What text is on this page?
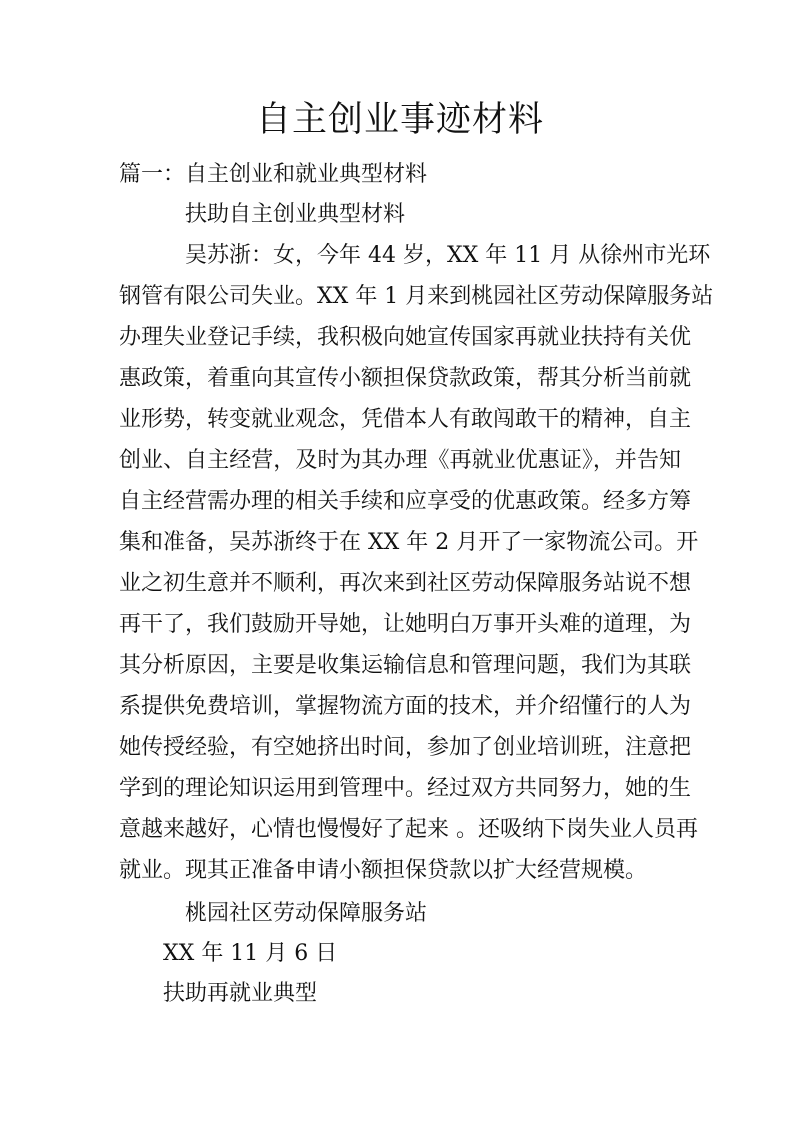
自主创业事迹材料
篇一：自主创业和就业典型材料
扶助自主创业典型材料
吴苏浙：女，今年 44 岁，XX 年 11 月 从徐州市光环
钢管有限公司失业。XX 年 1 月来到桃园社区劳动保障服务站
办理失业登记手续，我积极向她宣传国家再就业扶持有关优
惠政策，着重向其宣传小额担保贷款政策，帮其分析当前就
业形势，转变就业观念，凭借本人有敢闯敢干的精神，自主
创业、自主经营，及时为其办理《再就业优惠证》，并告知
自主经营需办理的相关手续和应享受的优惠政策。经多方筹
集和准备，吴苏浙终于在 XX 年 2 月开了一家物流公司。开
业之初生意并不顺利，再次来到社区劳动保障服务站说不想
再干了，我们鼓励开导她，让她明白万事开头难的道理，为
其分析原因，主要是收集运输信息和管理问题，我们为其联
系提供免费培训，掌握物流方面的技术，并介绍懂行的人为
她传授经验，有空她挤出时间，参加了创业培训班，注意把
学到的理论知识运用到管理中。经过双方共同努力，她的生
意越来越好，心情也慢慢好了起来 。还吸纳下岗失业人员再
就业。现其正准备申请小额担保贷款以扩大经营规模。
桃园社区劳动保障服务站
XX 年 11 月 6 日
扶助再就业典型
